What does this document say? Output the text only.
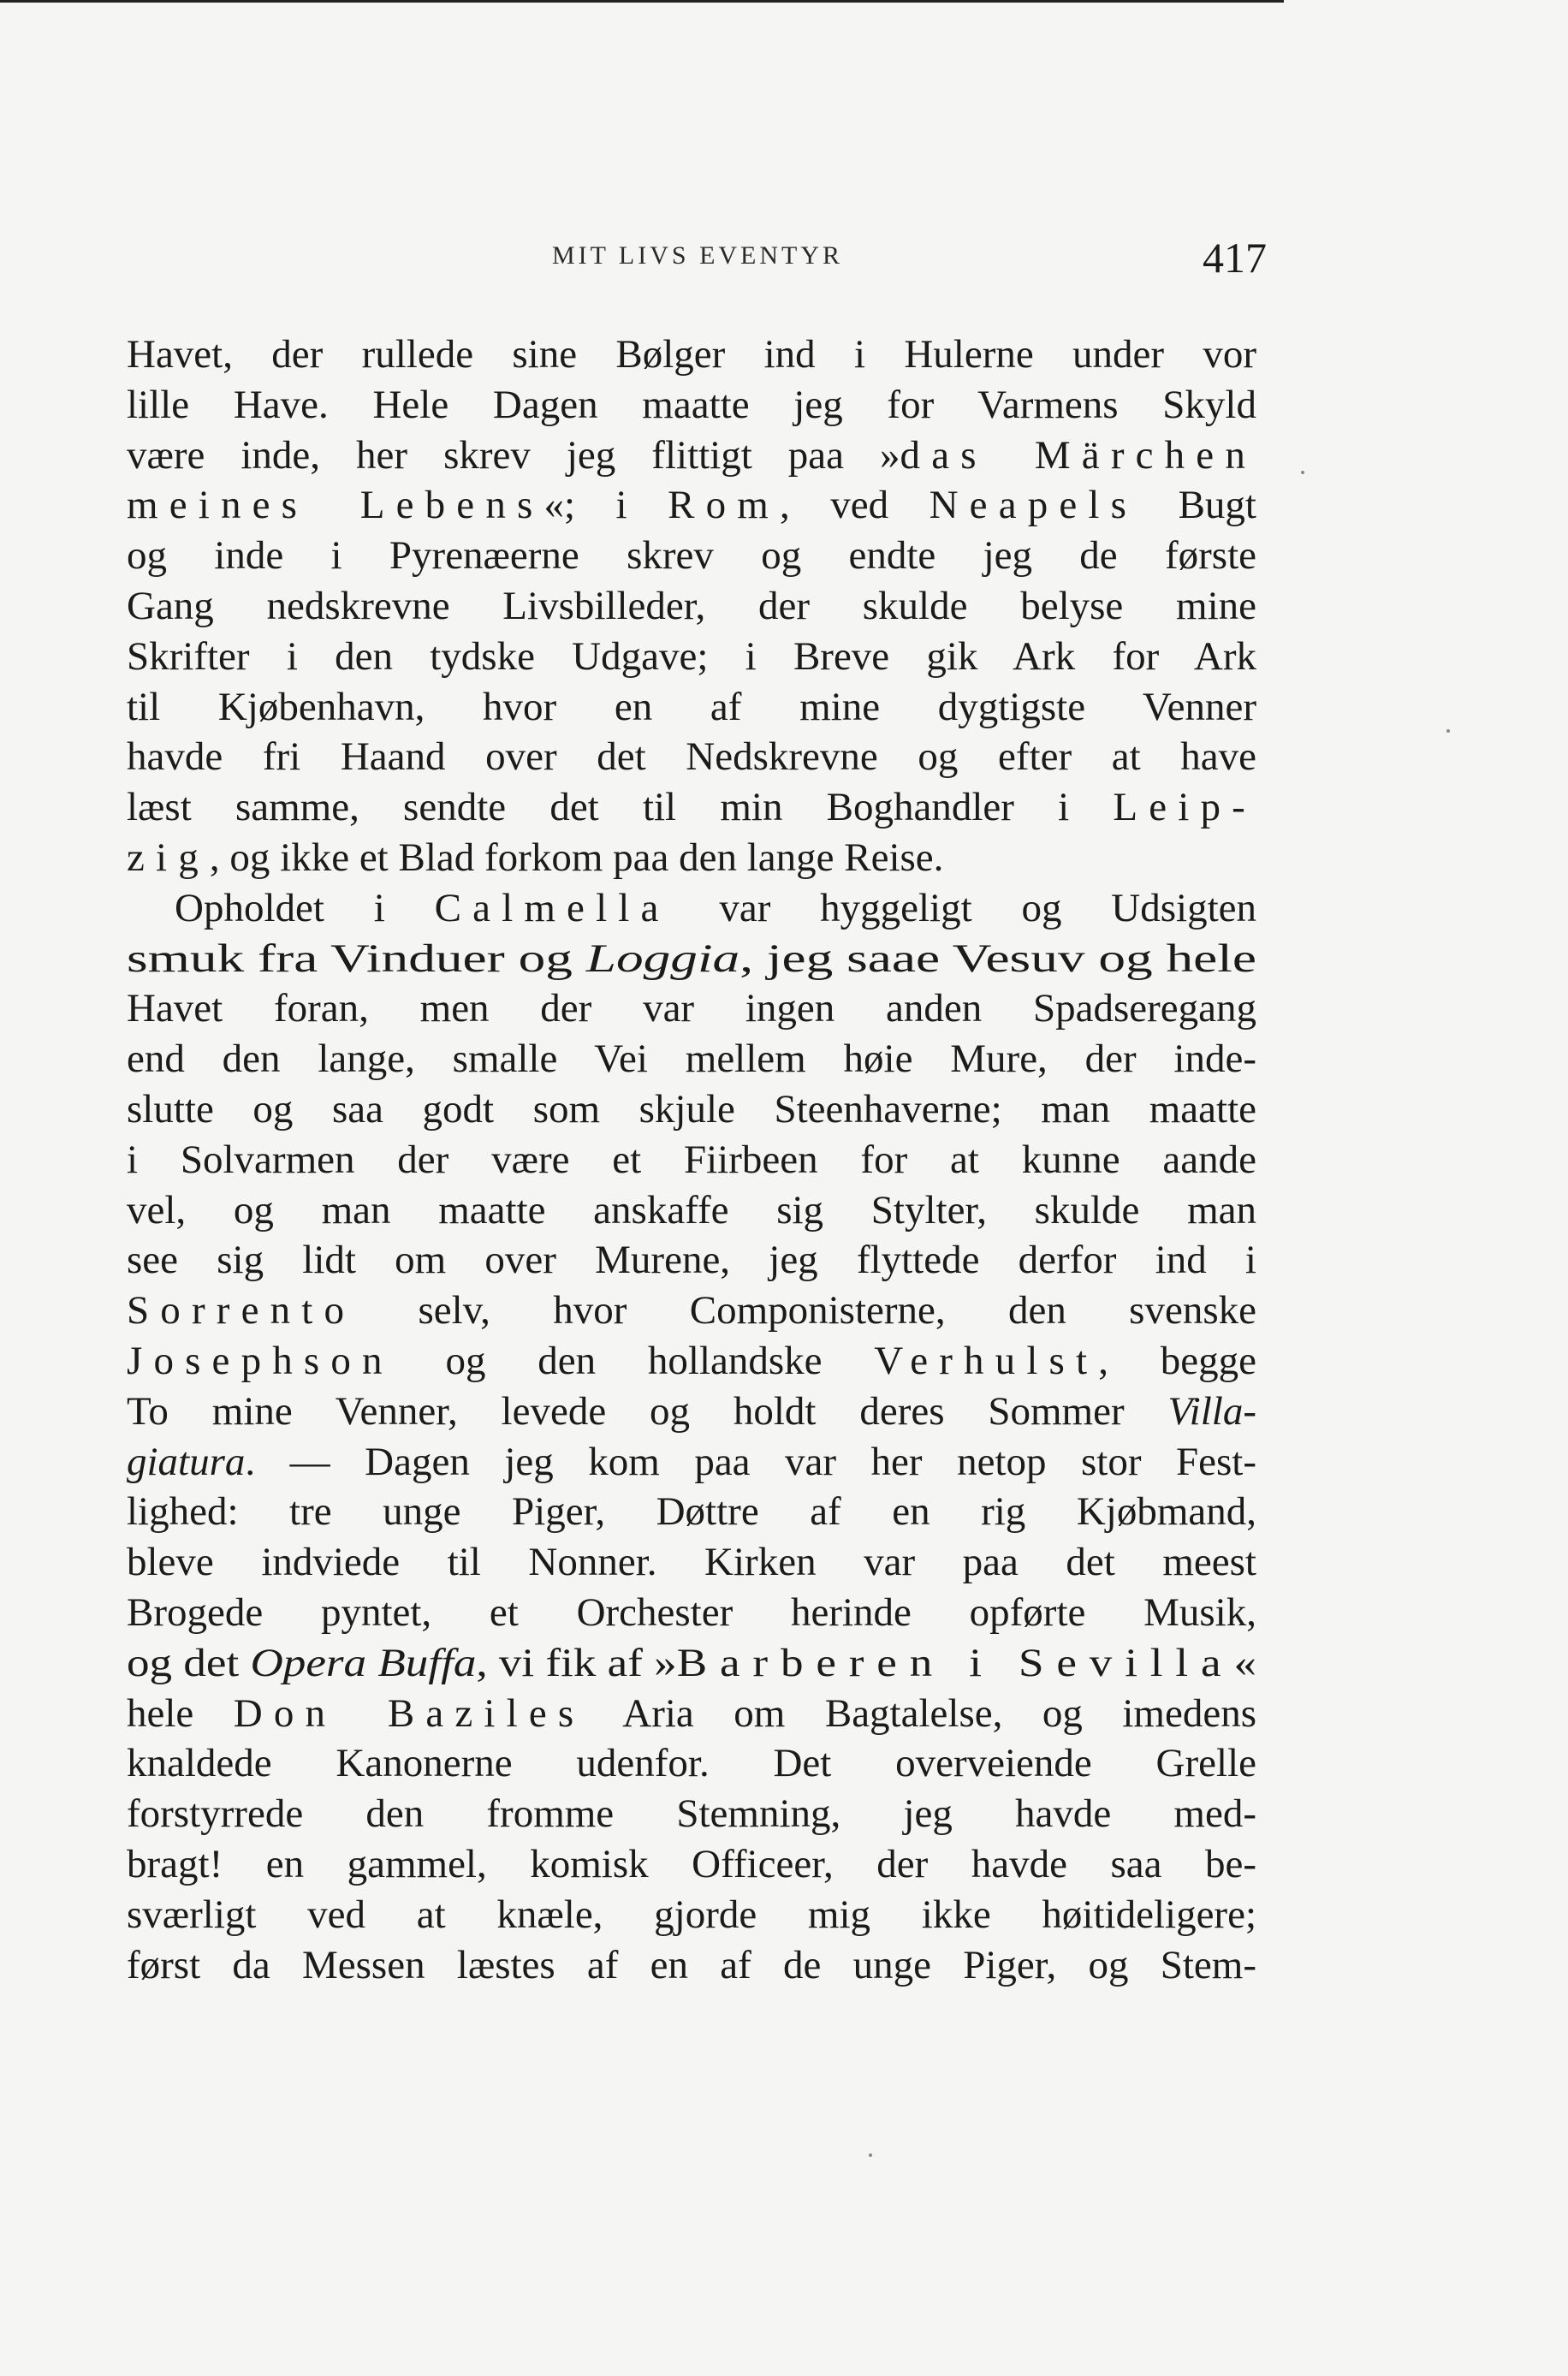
MIT LIVS EVENTYR	417
Havet, der rullede sine Bølger ind i Hulerne under vor
lille Have. Hele Dagen maatte jeg for Varmens Skyld
være inde, her skrev jeg flittigt paa »das Märchen
meines Lebens«; i Rom, ved Neapels Bugt
og inde i Pyrenæerne skrev og endte jeg de første
Gang nedskrevne Livsbilleder, der skulde belyse mine
Skrifter i den tydske Udgave; i Breve gik Ark for Ark
til Kjøbenhavn, hvor en af mine dygtigste Venner
havde fri Haand over det Nedskrevne og efter at have
læst samme, sendte det til min Boghandler i Leip-
zig, og ikke et Blad forkom paa den lange Reise.
Opholdet i Calmella var hyggeligt og Udsigten
smuk fra Vinduer og Loggia, jeg saae Vesuv og hele
Havet foran, men der var ingen anden Spadseregang
end den lange, smalle Vei mellem høie Mure, der inde-
slutte og saa godt som skjule Steenhaverne; man maatte
i Solvarmen der være et Fiirbeen for at kunne aande
vel, og man maatte anskaffe sig Stylter, skulde man
see sig lidt om over Murene, jeg flyttede derfor ind i
Sorrento selv, hvor Componisterne, den svenske
Josephson og den hollandske Verhulst, begge
To mine Venner, levede og holdt deres Sommer Villa-
giatura. — Dagen jeg kom paa var her netop stor Fest-
lighed: tre unge Piger, Døttre af en rig Kjøbmand,
bleve indviede til Nonner. Kirken var paa det meest
Brogede pyntet, et Orchester herinde opførte Musik,
og det Opera Buffa, vi fik af »Barberen i Sevilla«
hele Don Baziles Aria om Bagtalelse, og imedens
knaldede Kanonerne udenfor. Det overveiende Grelle
forstyrrede den fromme Stemning, jeg havde med-
bragt! en gammel, komisk Officeer, der havde saa be-
sværligt ved at knæle, gjorde mig ikke høitideligere;
først da Messen læstes af en af de unge Piger, og Stem-
